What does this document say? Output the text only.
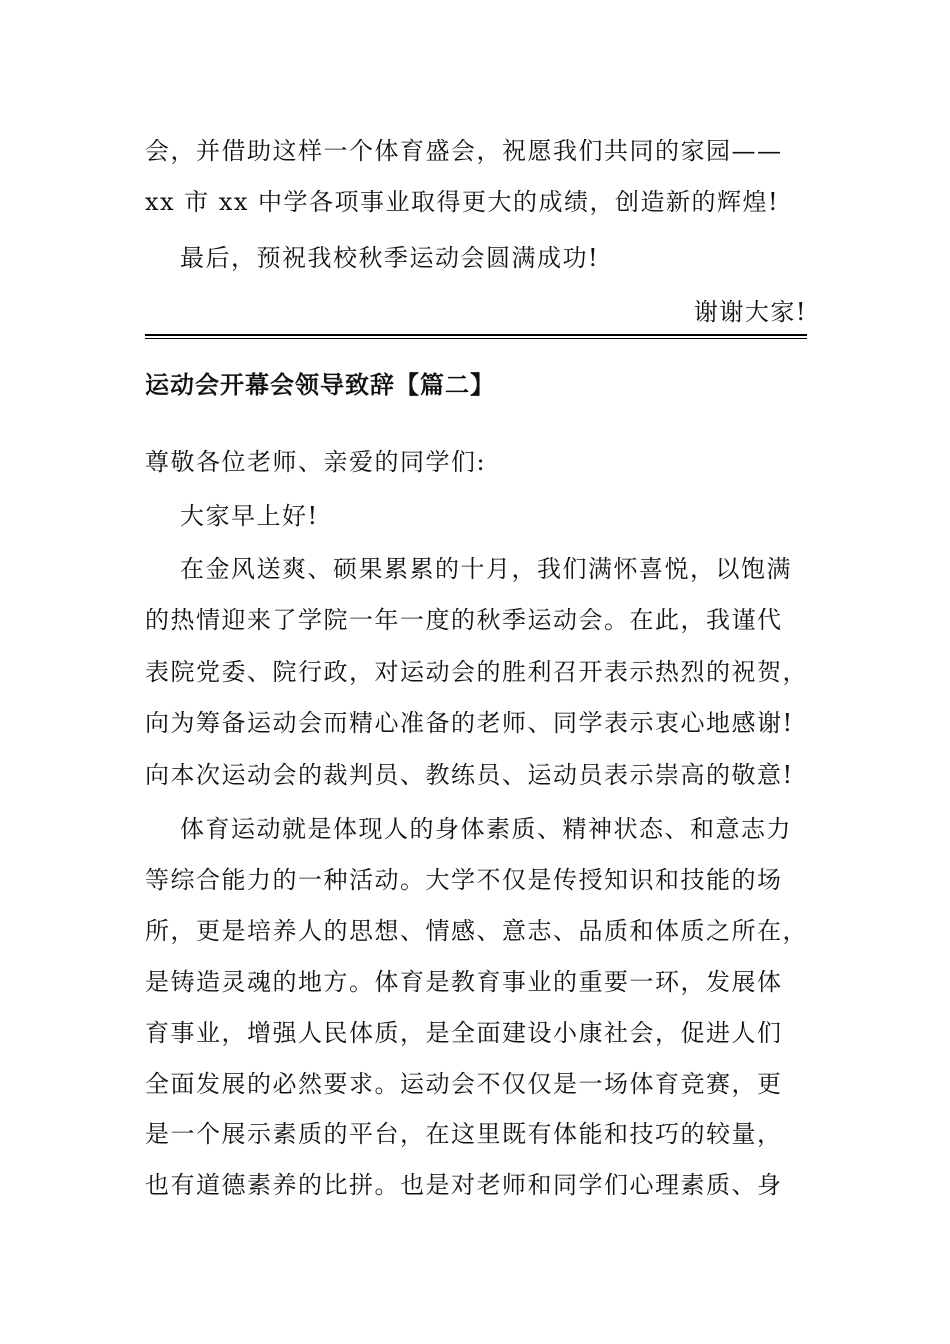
会，并借助这样一个体育盛会，祝愿我们共同的家园——
xx 市 xx 中学各项事业取得更大的成绩，创造新的辉煌!
最后，预祝我校秋季运动会圆满成功!
谢谢大家!
运动会开幕会领导致辞【篇二】
尊敬各位老师、亲爱的同学们:
大家早上好!
在金风送爽、硕果累累的十月，我们满怀喜悦，以饱满
的热情迎来了学院一年一度的秋季运动会。在此，我谨代
表院党委、院行政，对运动会的胜利召开表示热烈的祝贺，
向为筹备运动会而精心准备的老师、同学表示衷心地感谢!
向本次运动会的裁判员、教练员、运动员表示崇高的敬意!
体育运动就是体现人的身体素质、精神状态、和意志力
等综合能力的一种活动。大学不仅是传授知识和技能的场
所，更是培养人的思想、情感、意志、品质和体质之所在，
是铸造灵魂的地方。体育是教育事业的重要一环，发展体
育事业，增强人民体质，是全面建设小康社会，促进人们
全面发展的必然要求。运动会不仅仅是一场体育竞赛，更
是一个展示素质的平台，在这里既有体能和技巧的较量，
也有道德素养的比拼。也是对老师和同学们心理素质、身
